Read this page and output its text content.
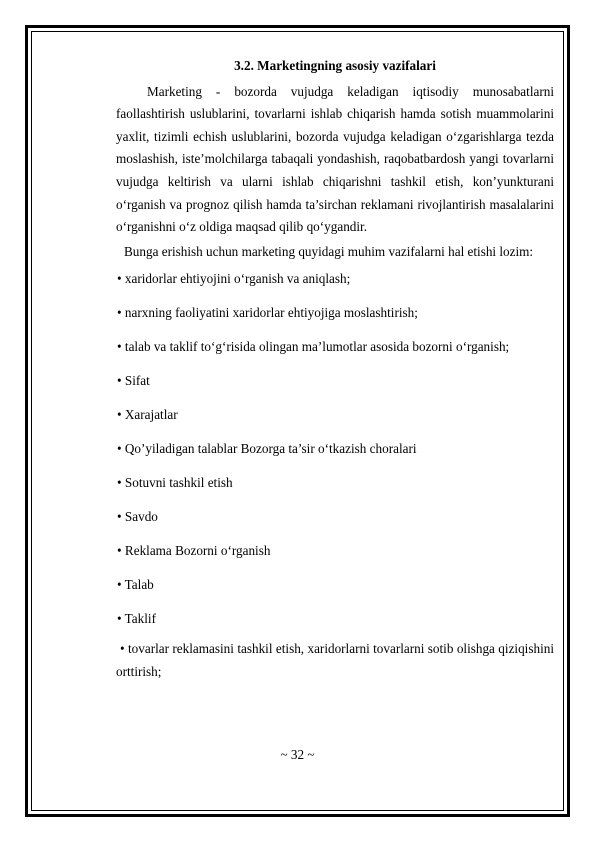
3.2. Marketingning asosiy vazifalari

Marketing - bozorda vujudga keladigan iqtisodiy munosabatlarni faollashtirish uslublarini, tovarlarni ishlab chiqarish hamda sotish muammolarini yaxlit, tizimli echish uslublarini, bozorda vujudga keladigan o‘zgarishlarga tezda moslashish, iste’molchilarga tabaqali yondashish, raqobatbardosh yangi tovarlarni vujudga keltirish va ularni ishlab chiqarishni tashkil etish, kon’yunkturani o‘rganish va prognoz qilish hamda ta’sirchan reklamani rivojlantirish masalalarini o‘rganishni o‘z oldiga maqsad qilib qo‘ygandir.

Bunga erishish uchun marketing quyidagi muhim vazifalarni hal etishi lozim:

• xaridorlar ehtiyojini o‘rganish va aniqlash;
• narxning faoliyatini xaridorlar ehtiyojiga moslashtirish;
• talab va taklif to‘g‘risida olingan ma’lumotlar asosida bozorni o‘rganish;
• Sifat
• Xarajatlar
• Qo’yiladigan talablar Bozorga ta’sir o‘tkazish choralari
• Sotuvni tashkil etish
• Savdo
• Reklama Bozorni o‘rganish
• Talab
• Taklif

• tovarlar reklamasini tashkil etish, xaridorlarni tovarlarni sotib olishga qiziqishini orttirish;

~ 32 ~
